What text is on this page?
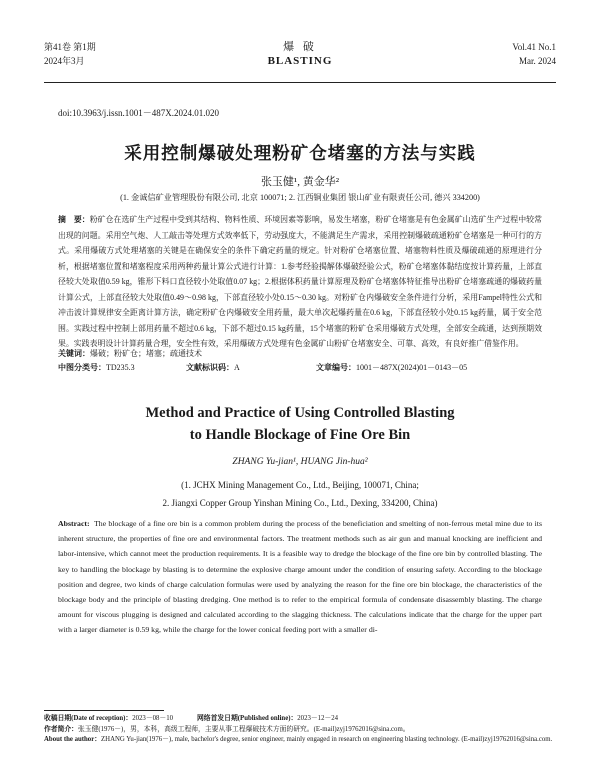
第41卷 第1期
2024年3月
爆 破
BLASTING
Vol.41 No.1
Mar. 2024
doi:10.3963/j.issn.1001－487X.2024.01.020
采用控制爆破处理粉矿仓堵塞的方法与实践
张玉健¹, 黄金华²
(1. 金诚信矿业管理股份有限公司, 北京 100071; 2. 江西铜业集团 银山矿业有限责任公司, 德兴 334200)
摘　要：粉矿仓在选矿生产过程中受到其结构、物料性质、环境因素等影响，易发生堵塞，粉矿仓堵塞是有色金属矿山选矿生产过程中较常出现的问题。采用空气炮、人工敲击等处理方式效率低下，劳动强度大，不能满足生产需求，采用控制爆破疏通粉矿仓堵塞是一种可行的方式。采用爆破方式处理堵塞的关键是在确保安全的条件下确定药量的规定。针对粉矿仓堵塞位置、堵塞物料性质及爆破疏通的原理进行分析，根据堵塞位置和堵塞程度采用两种药量计算公式进行计算：1.参考经验揭解体爆破经验公式，粉矿仓堵塞体黏结度按计算药量，上部直径较大处取值0.59 kg，锥形下料口直径较小处取值0.07 kg；2.根据体积药量计算原理及粉矿仓堵塞体特征推导出粉矿仓堵塞疏通的爆破药量计算公式，上部直径较大处取值0.49～0.98 kg，下部直径较小处0.15～0.30 kg。对粉矿仓内爆破安全条件进行分析，采用Fampel特性公式和冲击波计算规律安全距离计算方法，确定粉矿仓内爆破安全用药量，最大单次起爆药量在0.6 kg，下部直径较小处0.15 kg药量，属于安全范围。实践过程中控制上部用药量不超过0.6 kg，下部不超过0.15 kg药量，15个堵塞的粉矿仓采用爆破方式处理，全部安全疏通，达到预期效果。实践表明设计计算药量合理，安全性有效，采用爆破方式处理有色金属矿山粉矿仓堵塞安全、可靠、高效，有良好推广借鉴作用。
关键词：爆破；粉矿仓；堵塞；疏通技术
中图分类号：TD235.3	文献标识码：A	文章编号：1001－487X(2024)01－0143－05
Method and Practice of Using Controlled Blasting
to Handle Blockage of Fine Ore Bin
ZHANG Yu-jian¹, HUANG Jin-hua²
(1. JCHX Mining Management Co., Ltd., Beijing, 100071, China;
2. Jiangxi Copper Group Yinshan Mining Co., Ltd., Dexing, 334200, China)
Abstract: The blockage of a fine ore bin is a common problem during the process of the beneficiation and smelting of non-ferrous metal mine due to its inherent structure, the properties of fine ore and environmental factors. The treatment methods such as air gun and manual knocking are inefficient and labor-intensive, which cannot meet the production requirements. It is a feasible way to dredge the blockage of the fine ore bin by controlled blasting. The key to handling the blockage by blasting is to determine the explosive charge amount under the condition of ensuring safety. According to the blockage position and degree, two kinds of charge calculation formulas were used by analyzing the reason for the fine ore bin blockage, the characteristics of the blockage body and the principle of blasting dredging. One method is to refer to the empirical formula of condensate disassembly blasting. The charge amount for viscous plugging is designed and calculated according to the slagging thickness. The calculations indicate that the charge for the upper part with a larger diameter is 0.59 kg, while the charge for the lower conical feeding port with a smaller di-
收稿日期(Date of reception)：2023－08－10	网络首发日期(Published online)：2023－12－24
作者简介：张玉健(1976－)，男，本科，高级工程师，主要从事工程爆破技术方面的研究。(E-mail)zyj19762016@sina.com。
About the author：ZHANG Yu-jian(1976－), male, bachelor's degree, senior engineer, mainly engaged in research on engineering blasting technology. (E-mail)zyj19762016@sina.com.
